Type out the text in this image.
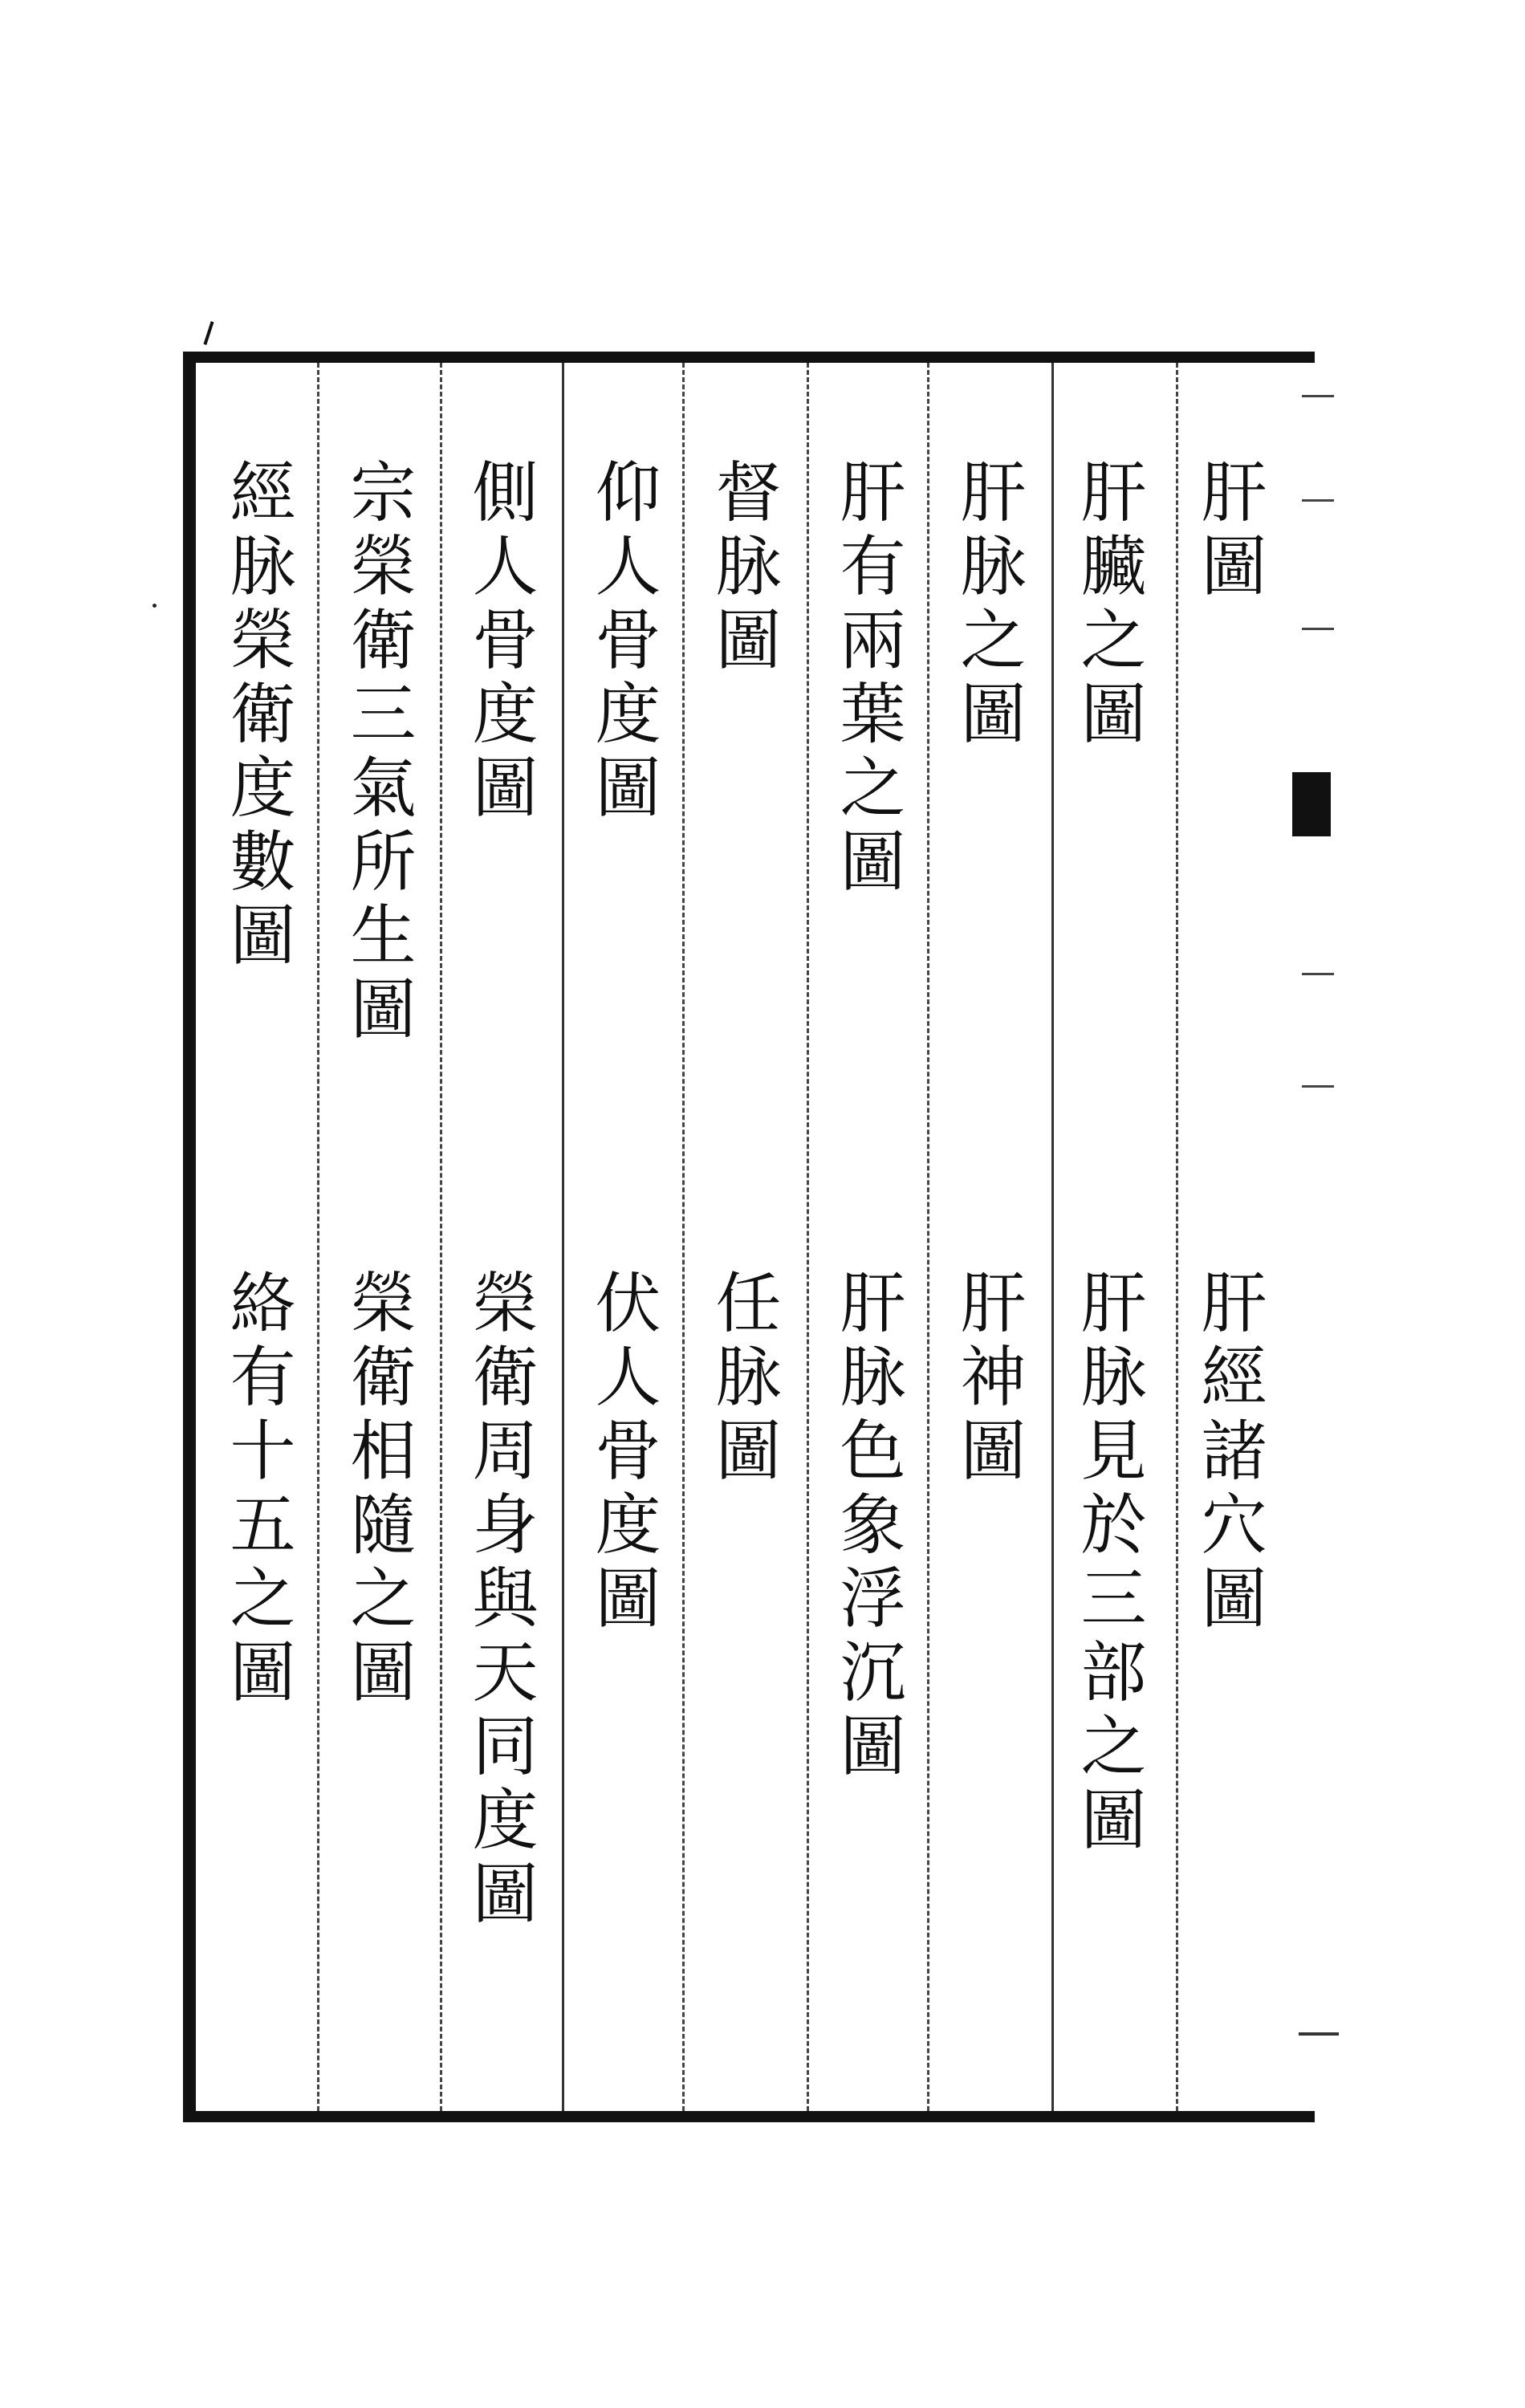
肝圖
肝經諸穴圖
肝臟之圖
肝脉見於三部之圖
肝脉之圖
肝神圖
肝有兩葉之圖
肝脉色象浮沉圖
督脉圖
任脉圖
仰人骨度圖
伏人骨度圖
側人骨度圖
榮衛周身與天同度圖
宗榮衛三氣所生圖
榮衛相隨之圖
經脉榮衛度數圖
絡有十五之圖
